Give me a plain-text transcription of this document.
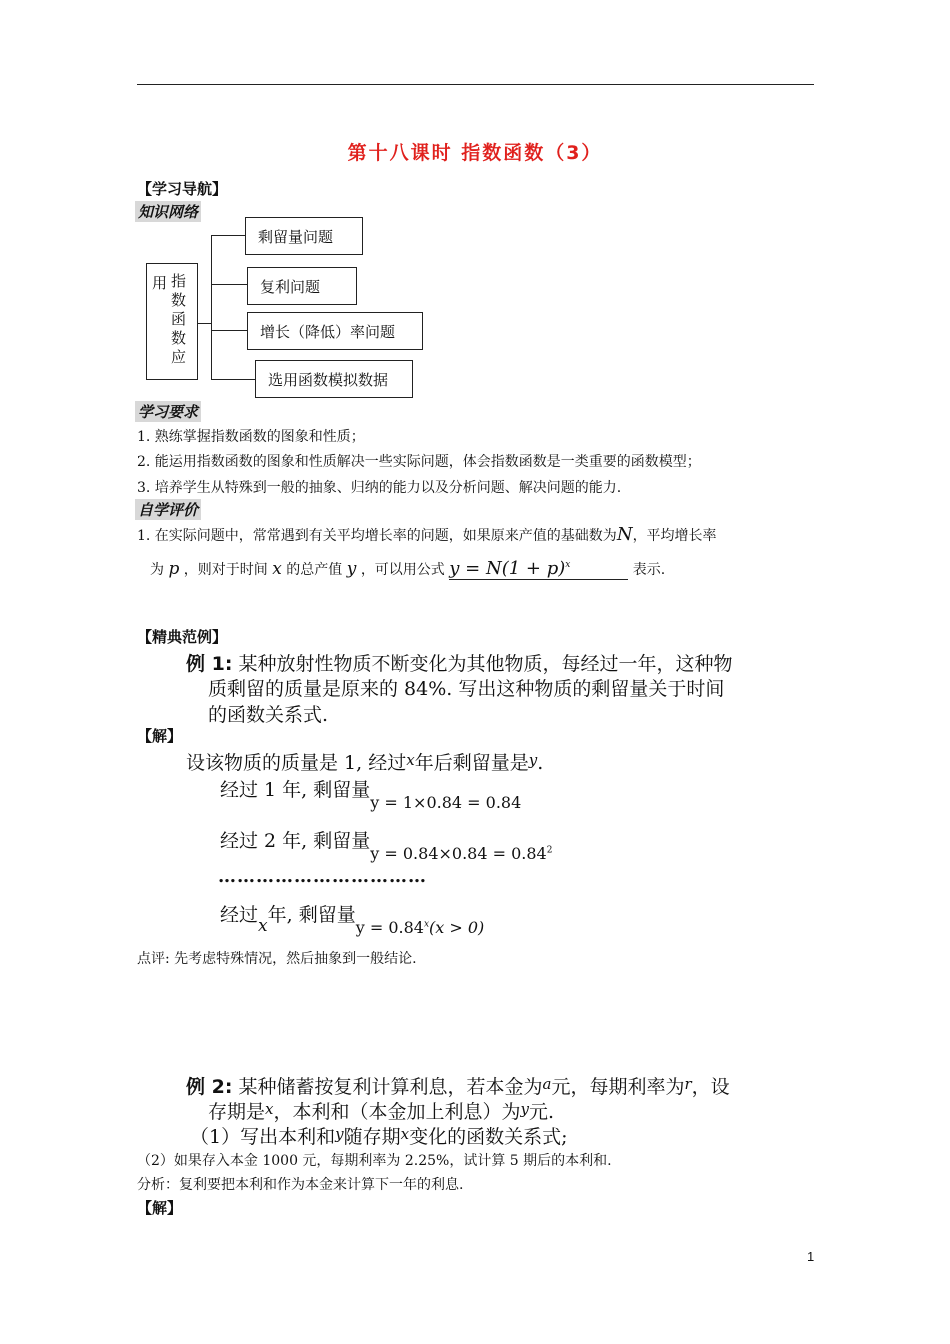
第十八课时 指数函数（3）
【学习导航】
知识网络
用 指数函数应
剩留量问题
复利问题
增长（降低）率问题
选用函数模拟数据
学习要求
1. 熟练掌握指数函数的图象和性质；
2. 能运用指数函数的图象和性质解决一些实际问题，体会指数函数是一类重要的函数模型；
3. 培养学生从特殊到一般的抽象、归纳的能力以及分析问题、解决问题的能力.
自学评价
1. 在实际问题中，常常遇到有关平均增长率的问题，如果原来产值的基础数为N，平均增长率
为 p ，则对于时间 x 的总产值 y ，可以用公式 $y = N(1 + p)^x$	表示.
【精典范例】
例 1: 某种放射性物质不断变化为其他物质，每经过一年，这种物
质剩留的质量是原来的 84%. 写出这种物质的剩留量关于时间
的函数关系式.
【解】
设该物质的质量是 1, 经过$^x$年后剩留量是$^y$.
经过 1 年, 剩留量$_{y = 1\times 0.84 = 0.84}$
经过 2 年, 剩留量$_{y = 0.84\times 0.84 = 0.84^2}$
……………………………
经过x年, 剩留量$_{y = 0.84^x(x > 0)}$
点评: 先考虑特殊情况，然后抽象到一般结论.
例 2: 某种储蓄按复利计算利息，若本金为$^a$元，每期利率为$^r$，设
存期是$^x$，本利和（本金加上利息）为$^y$元.
（1）写出本利和$^y$随存期$^x$变化的函数关系式;
（2）如果存入本金 1000 元，每期利率为 2.25%，试计算 5 期后的本利和.
分析：复利要把本利和作为本金来计算下一年的利息.
【解】
1
